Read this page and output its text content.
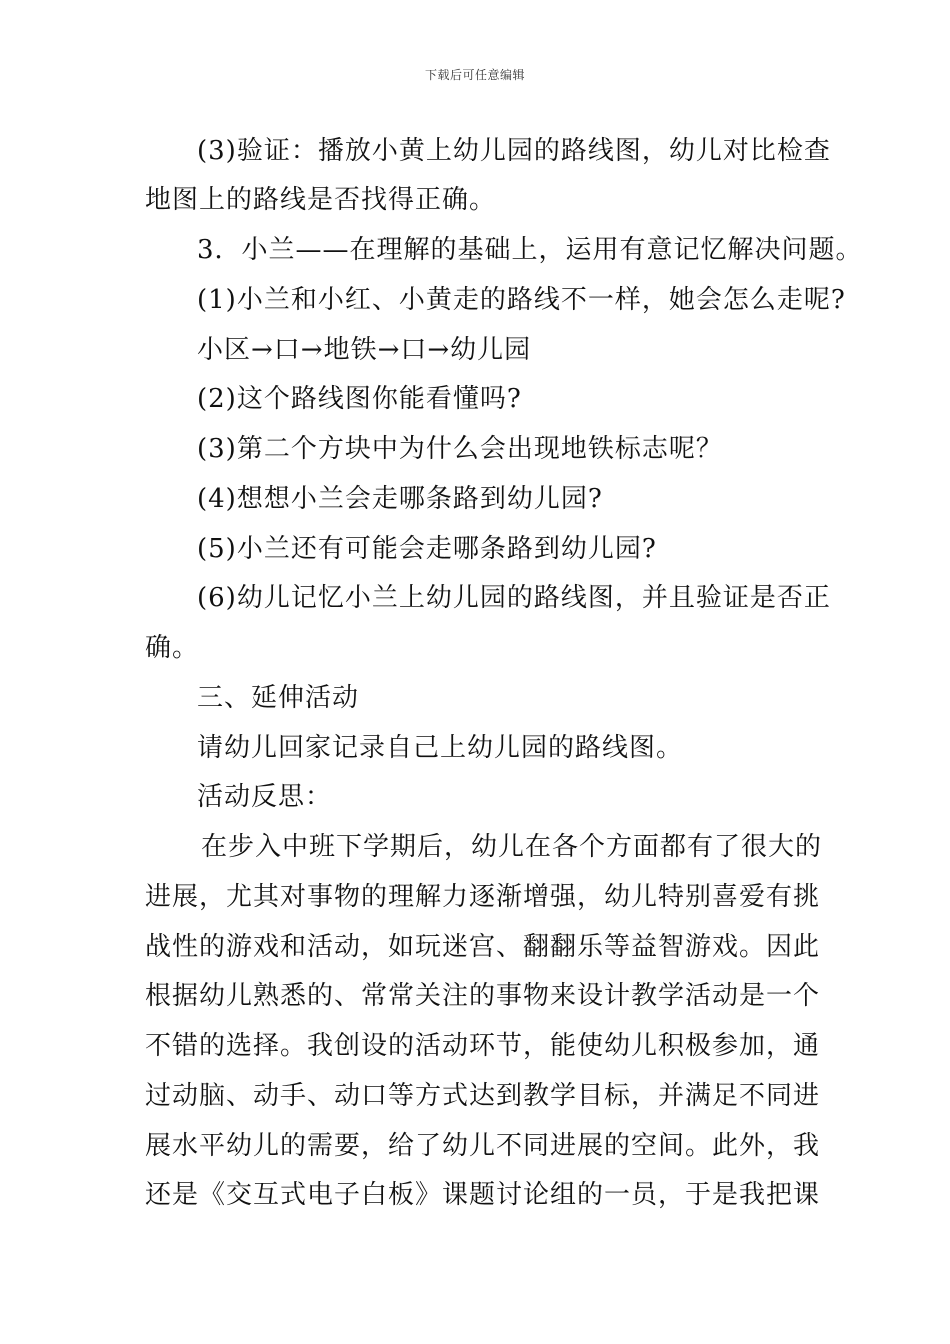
下载后可任意编辑
(3)验证：播放小黄上幼儿园的路线图，幼儿对比检查
地图上的路线是否找得正确。
3．小兰——在理解的基础上，运用有意记忆解决问题。
(1)小兰和小红、小黄走的路线不一样，她会怎么走呢?
小区→口→地铁→口→幼儿园
(2)这个路线图你能看懂吗?
(3)第二个方块中为什么会出现地铁标志呢？
(4)想想小兰会走哪条路到幼儿园?
(5)小兰还有可能会走哪条路到幼儿园?
(6)幼儿记忆小兰上幼儿园的路线图，并且验证是否正
确。
三、延伸活动
请幼儿回家记录自己上幼儿园的路线图。
活动反思：
在步入中班下学期后，幼儿在各个方面都有了很大的
进展，尤其对事物的理解力逐渐增强，幼儿特别喜爱有挑
战性的游戏和活动，如玩迷宫、翻翻乐等益智游戏。因此
根据幼儿熟悉的、常常关注的事物来设计教学活动是一个
不错的选择。我创设的活动环节，能使幼儿积极参加，通
过动脑、动手、动口等方式达到教学目标，并满足不同进
展水平幼儿的需要，给了幼儿不同进展的空间。此外，我
还是《交互式电子白板》课题讨论组的一员，于是我把课
